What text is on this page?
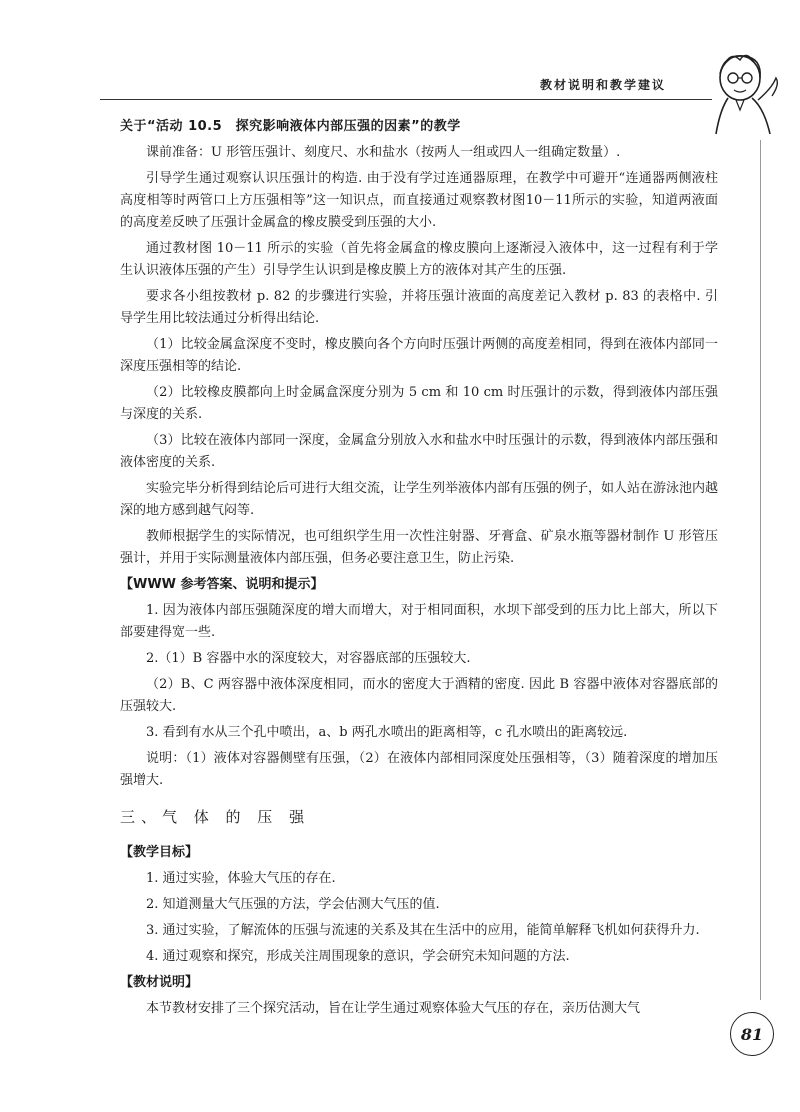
教材说明和教学建议

关于“活动 10.5　探究影响液体内部压强的因素”的教学

课前准备：U 形管压强计、刻度尺、水和盐水（按两人一组或四人一组确定数量）.

引导学生通过观察认识压强计的构造. 由于没有学过连通器原理，在教学中可避开“连通器两侧液柱高度相等时两管口上方压强相等”这一知识点，而直接通过观察教材图10－11所示的实验，知道两液面的高度差反映了压强计金属盒的橡皮膜受到压强的大小.

通过教材图 10－11 所示的实验（首先将金属盒的橡皮膜向上逐渐浸入液体中，这一过程有利于学生认识液体压强的产生）引导学生认识到是橡皮膜上方的液体对其产生的压强.

要求各小组按教材 p. 82 的步骤进行实验，并将压强计液面的高度差记入教材 p. 83 的表格中. 引导学生用比较法通过分析得出结论.

（1）比较金属盒深度不变时，橡皮膜向各个方向时压强计两侧的高度差相同，得到在液体内部同一深度压强相等的结论.

（2）比较橡皮膜都向上时金属盒深度分别为 5 cm 和 10 cm 时压强计的示数，得到液体内部压强与深度的关系.

（3）比较在液体内部同一深度，金属盒分别放入水和盐水中时压强计的示数，得到液体内部压强和液体密度的关系.

实验完毕分析得到结论后可进行大组交流，让学生列举液体内部有压强的例子，如人站在游泳池内越深的地方感到越气闷等.

教师根据学生的实际情况，也可组织学生用一次性注射器、牙膏盒、矿泉水瓶等器材制作 U 形管压强计，并用于实际测量液体内部压强，但务必要注意卫生，防止污染.

【WWW 参考答案、说明和提示】

1. 因为液体内部压强随深度的增大而增大，对于相同面积，水坝下部受到的压力比上部大，所以下部要建得宽一些.

2.（1）B 容器中水的深度较大，对容器底部的压强较大.

（2）B、C 两容器中液体深度相同，而水的密度大于酒精的密度. 因此 B 容器中液体对容器底部的压强较大.

3. 看到有水从三个孔中喷出，a、b 两孔水喷出的距离相等，c 孔水喷出的距离较远.

说明：（1）液体对容器侧壁有压强，（2）在液体内部相同深度处压强相等，（3）随着深度的增加压强增大.

三、气 体 的 压 强

【教学目标】

1. 通过实验，体验大气压的存在.

2. 知道测量大气压强的方法，学会估测大气压的值.

3. 通过实验，了解流体的压强与流速的关系及其在生活中的应用，能简单解释飞机如何获得升力.

4. 通过观察和探究，形成关注周围现象的意识，学会研究未知问题的方法.

【教材说明】

本节教材安排了三个探究活动，旨在让学生通过观察体验大气压的存在，亲历估测大气

81
